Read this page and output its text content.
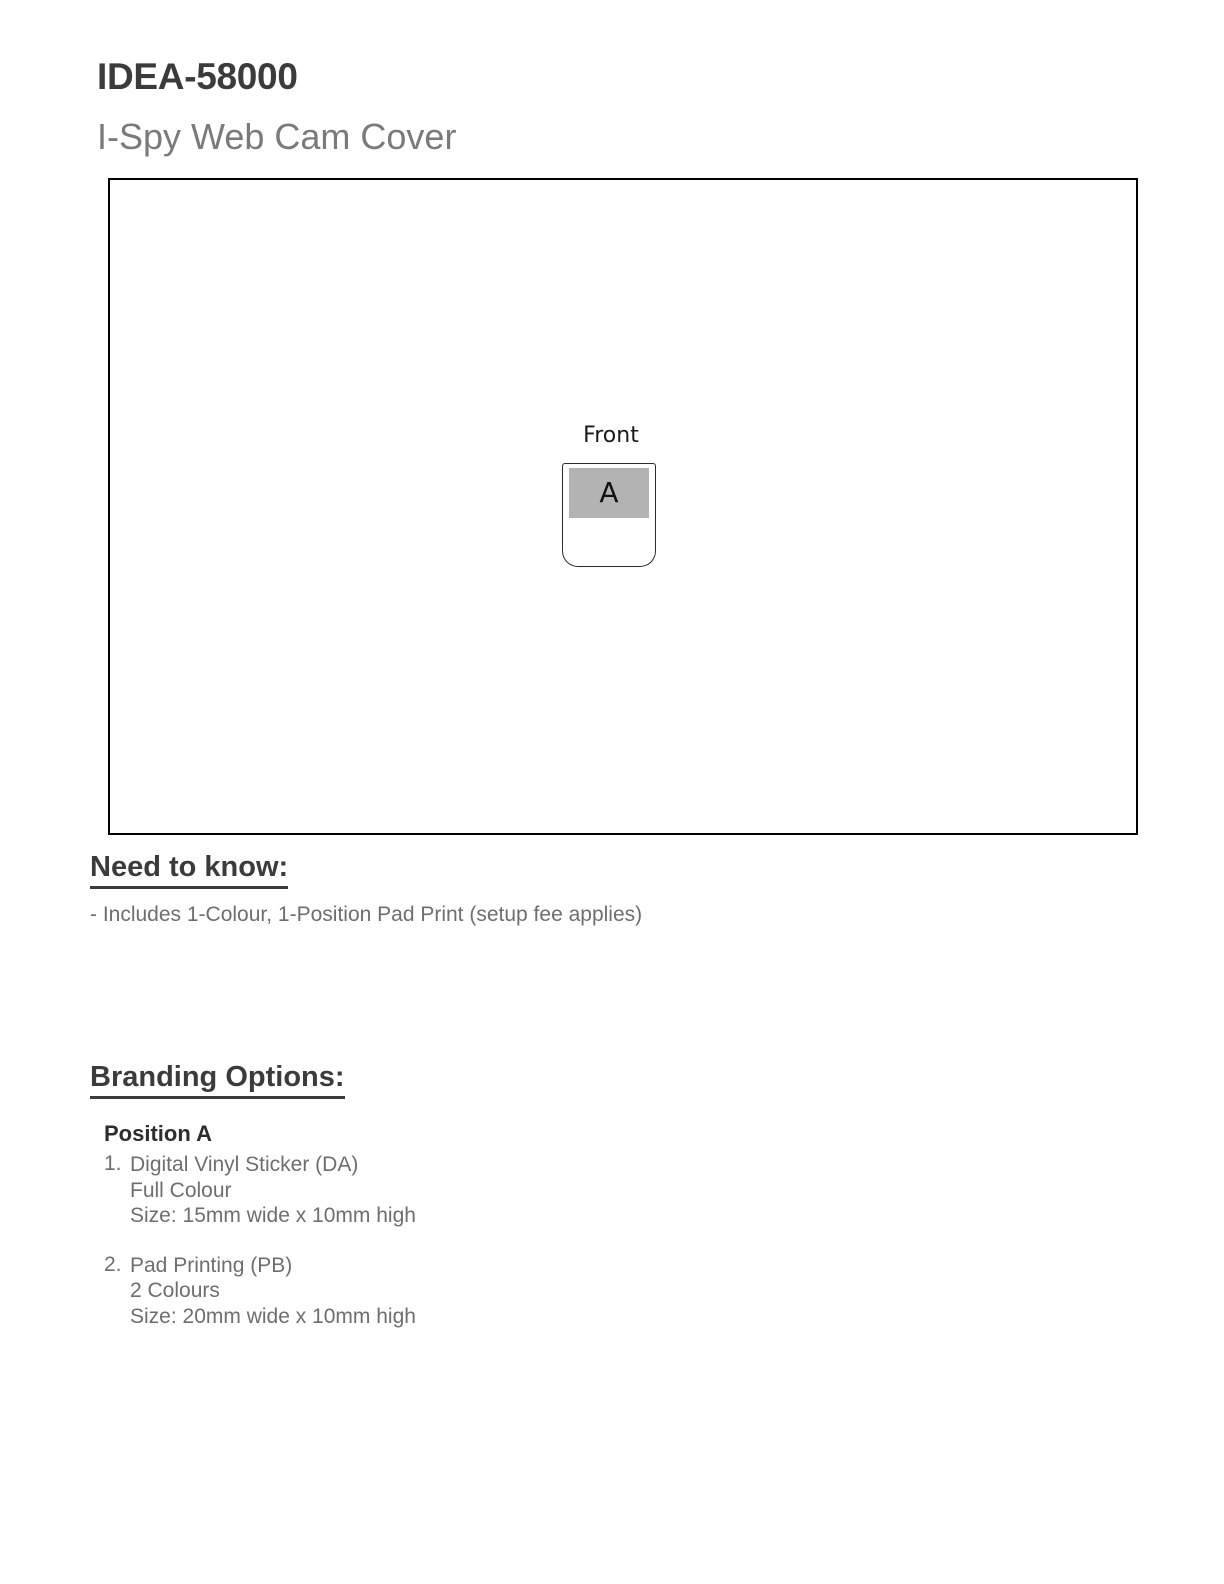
IDEA-58000
I-Spy Web Cam Cover
Front
A
Need to know:
- Includes 1-Colour, 1-Position Pad Print (setup fee applies)
Branding Options:
Position A
1. Digital Vinyl Sticker (DA)
Full Colour
Size: 15mm wide x 10mm high
2. Pad Printing (PB)
2 Colours
Size: 20mm wide x 10mm high
